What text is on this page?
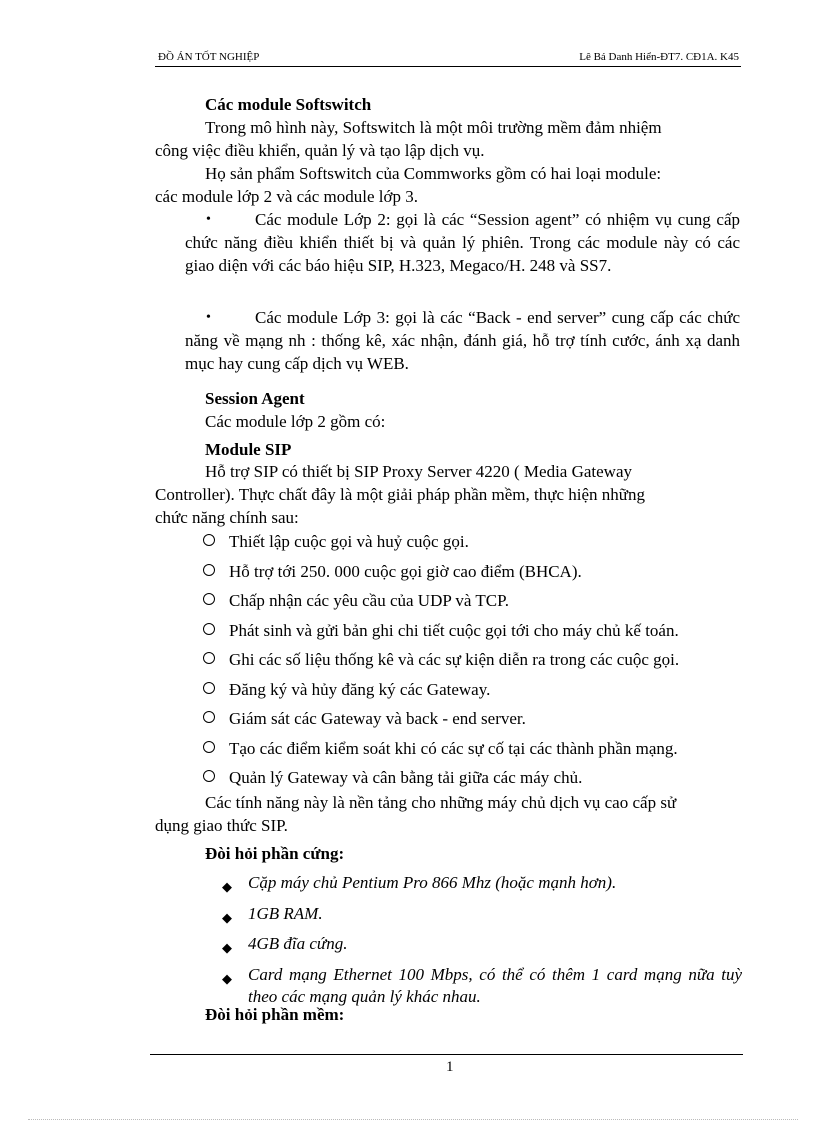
ĐỒ ÁN TỐT NGHIỆP	Lê Bá Danh Hiển-ĐT7. CĐ1A. K45
Các module Softswitch
Trong mô hình này, Softswitch là một môi trường mềm đảm nhiệm
công việc điều khiển, quản lý và tạo lập dịch vụ.
Họ sản phẩm Softswitch của Commworks gồm có hai loại module:
các module lớp 2 và các module lớp 3.
•	Các module Lớp 2: gọi là các “Session agent” có nhiệm vụ cung cấp chức năng điều khiển thiết bị và quản lý phiên. Trong các module này có các giao diện với các báo hiệu SIP, H.323, Megaco/H. 248 và SS7.
•	Các module Lớp 3: gọi là các “Back - end server” cung cấp các chức năng về mạng nh : thống kê, xác nhận, đánh giá, hỗ trợ tính cước, ánh xạ danh mục hay cung cấp dịch vụ WEB.
Session Agent
Các module lớp 2 gồm có:
Module SIP
Hỗ trợ SIP có thiết bị SIP Proxy Server 4220 ( Media Gateway
Controller). Thực chất đây là một giải pháp phần mềm, thực hiện những
chức năng chính sau:
Thiết lập cuộc gọi và huỷ cuộc gọi.
Hỗ trợ tới 250. 000 cuộc gọi giờ cao điểm (BHCA).
Chấp nhận các yêu cầu của UDP và TCP.
Phát sinh và gửi bản ghi chi tiết cuộc gọi tới cho máy chủ kế toán.
Ghi các số liệu thống kê và các sự kiện diễn ra trong các cuộc gọi.
Đăng ký và hủy đăng ký các Gateway.
Giám sát các Gateway và back - end server.
Tạo các điểm kiểm soát khi có các sự cố tại các thành phần mạng.
Quản lý Gateway và cân bằng tải giữa các máy chủ.
Các tính năng này là nền tảng cho những máy chủ dịch vụ cao cấp sử
dụng giao thức SIP.
Đòi hỏi phần cứng:
◆ Cặp máy chủ Pentium Pro 866 Mhz (hoặc mạnh hơn).
◆ 1GB RAM.
◆ 4GB đĩa cứng.
◆ Card mạng Ethernet 100 Mbps, có thể có thêm 1 card mạng nữa tuỳ theo các mạng quản lý khác nhau.
Đòi hỏi phần mềm:
1
